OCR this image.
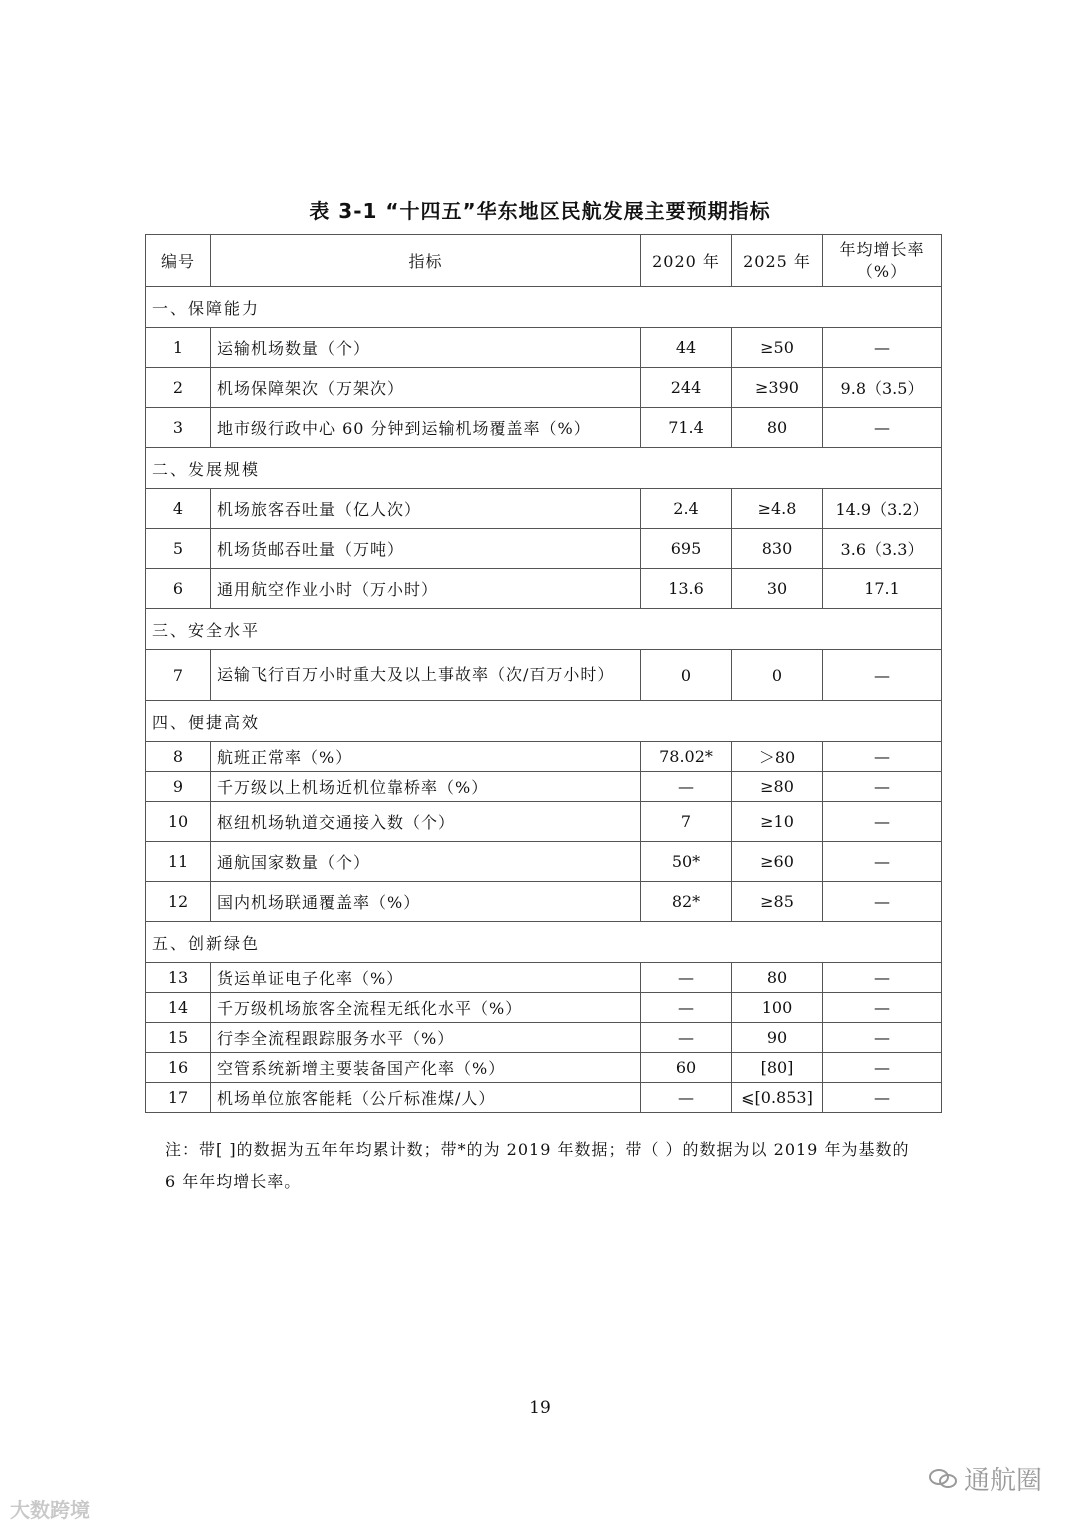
表 3-1 “十四五”华东地区民航发展主要预期指标
编号	指标	2020 年	2025 年	年均增长率
（%）

一、保障能力				
1	运输机场数量（个）	44	≥50	—
2	机场保障架次（万架次）	244	≥390	9.8（3.5）
3	地市级行政中心 60 分钟到运输机场覆盖率（%）	71.4	80	—
二、发展规模				
4	机场旅客吞吐量（亿人次）	2.4	≥4.8	14.9（3.2）
5	机场货邮吞吐量（万吨）	695	830	3.6（3.3）
6	通用航空作业小时（万小时）	13.6	30	17.1
三、安全水平				
7	运输飞行百万小时重大及以上事故率（次/百万小时）	0	0	—
四、便捷高效				
8	航班正常率（%）	78.02*	＞80	—
9	千万级以上机场近机位靠桥率（%）	—	≥80	—
10	枢纽机场轨道交通接入数（个）	7	≥10	—
11	通航国家数量（个）	50*	≥60	—
12	国内机场联通覆盖率（%）	82*	≥85	—
五、创新绿色				
13	货运单证电子化率（%）	—	80	—
14	千万级机场旅客全流程无纸化水平（%）	—	100	—
15	行李全流程跟踪服务水平（%）	—	90	—
16	空管系统新增主要装备国产化率（%）	60	[80]	—
17	机场单位旅客能耗（公斤标准煤/人）	—	⩽[0.853]	—
注：带[ ]的数据为五年年均累计数；带*的为 2019 年数据；带（ ）的数据为以 2019 年为基数的 6 年年均增长率。
19
大数跨境
通航圈
